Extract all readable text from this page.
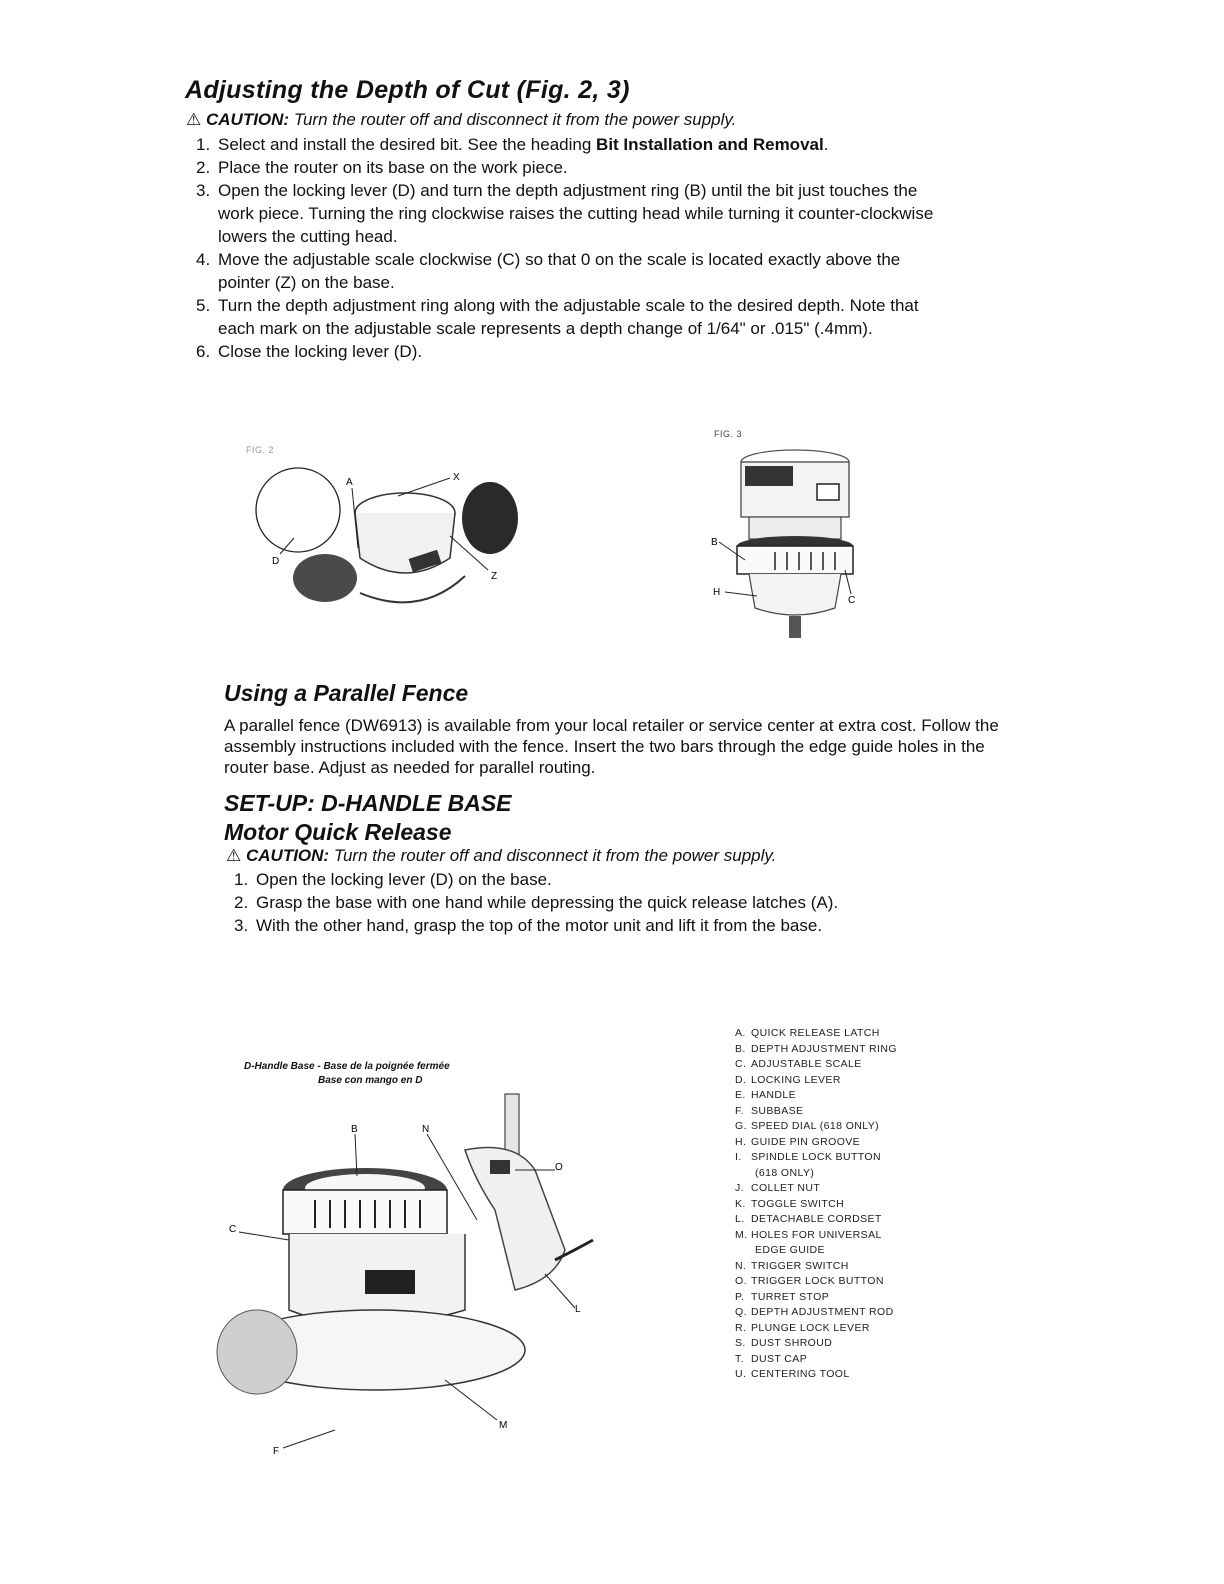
Adjusting the Depth of Cut (Fig. 2, 3)
⚠ CAUTION: Turn the router off and disconnect it from the power supply.
1. Select and install the desired bit. See the heading Bit Installation and Removal.
2. Place the router on its base on the work piece.
3. Open the locking lever (D) and turn the depth adjustment ring (B) until the bit just touches the work piece. Turning the ring clockwise raises the cutting head while turning it counter-clockwise lowers the cutting head.
4. Move the adjustable scale clockwise (C) so that 0 on the scale is located exactly above the pointer (Z) on the base.
5. Turn the depth adjustment ring along with the adjustable scale to the desired depth. Note that each mark on the adjustable scale represents a depth change of 1/64" or .015" (.4mm).
6. Close the locking lever (D).
FIG. 2
A	X
D
Z
FIG. 3
B
H
C
Using a Parallel Fence

A parallel fence (DW6913) is available from your local retailer or service center at extra cost. Follow the assembly instructions included with the fence. Insert the two bars through the edge guide holes in the router base. Adjust as needed for parallel routing.

SET-UP: D-HANDLE BASE
Motor Quick Release
⚠ CAUTION: Turn the router off and disconnect it from the power supply.
1. Open the locking lever (D) on the base.
2. Grasp the base with one hand while depressing the quick release latches (A).
3. With the other hand, grasp the top of the motor unit and lift it from the base.
D-Handle Base - Base de la poignée fermée
Base con mango en D
B	N
O
C
L
M
F
A. QUICK RELEASE LATCH
B. DEPTH ADJUSTMENT RING
C. ADJUSTABLE SCALE
D. LOCKING LEVER
E. HANDLE
F. SUBBASE
G. SPEED DIAL (618 ONLY)
H. GUIDE PIN GROOVE
I. SPINDLE LOCK BUTTON
(618 ONLY)
J. COLLET NUT
K. TOGGLE SWITCH
L. DETACHABLE CORDSET
M. HOLES FOR UNIVERSAL
EDGE GUIDE
N. TRIGGER SWITCH
O. TRIGGER LOCK BUTTON
P. TURRET STOP
Q. DEPTH ADJUSTMENT ROD
R. PLUNGE LOCK LEVER
S. DUST SHROUD
T. DUST CAP
U. CENTERING TOOL
